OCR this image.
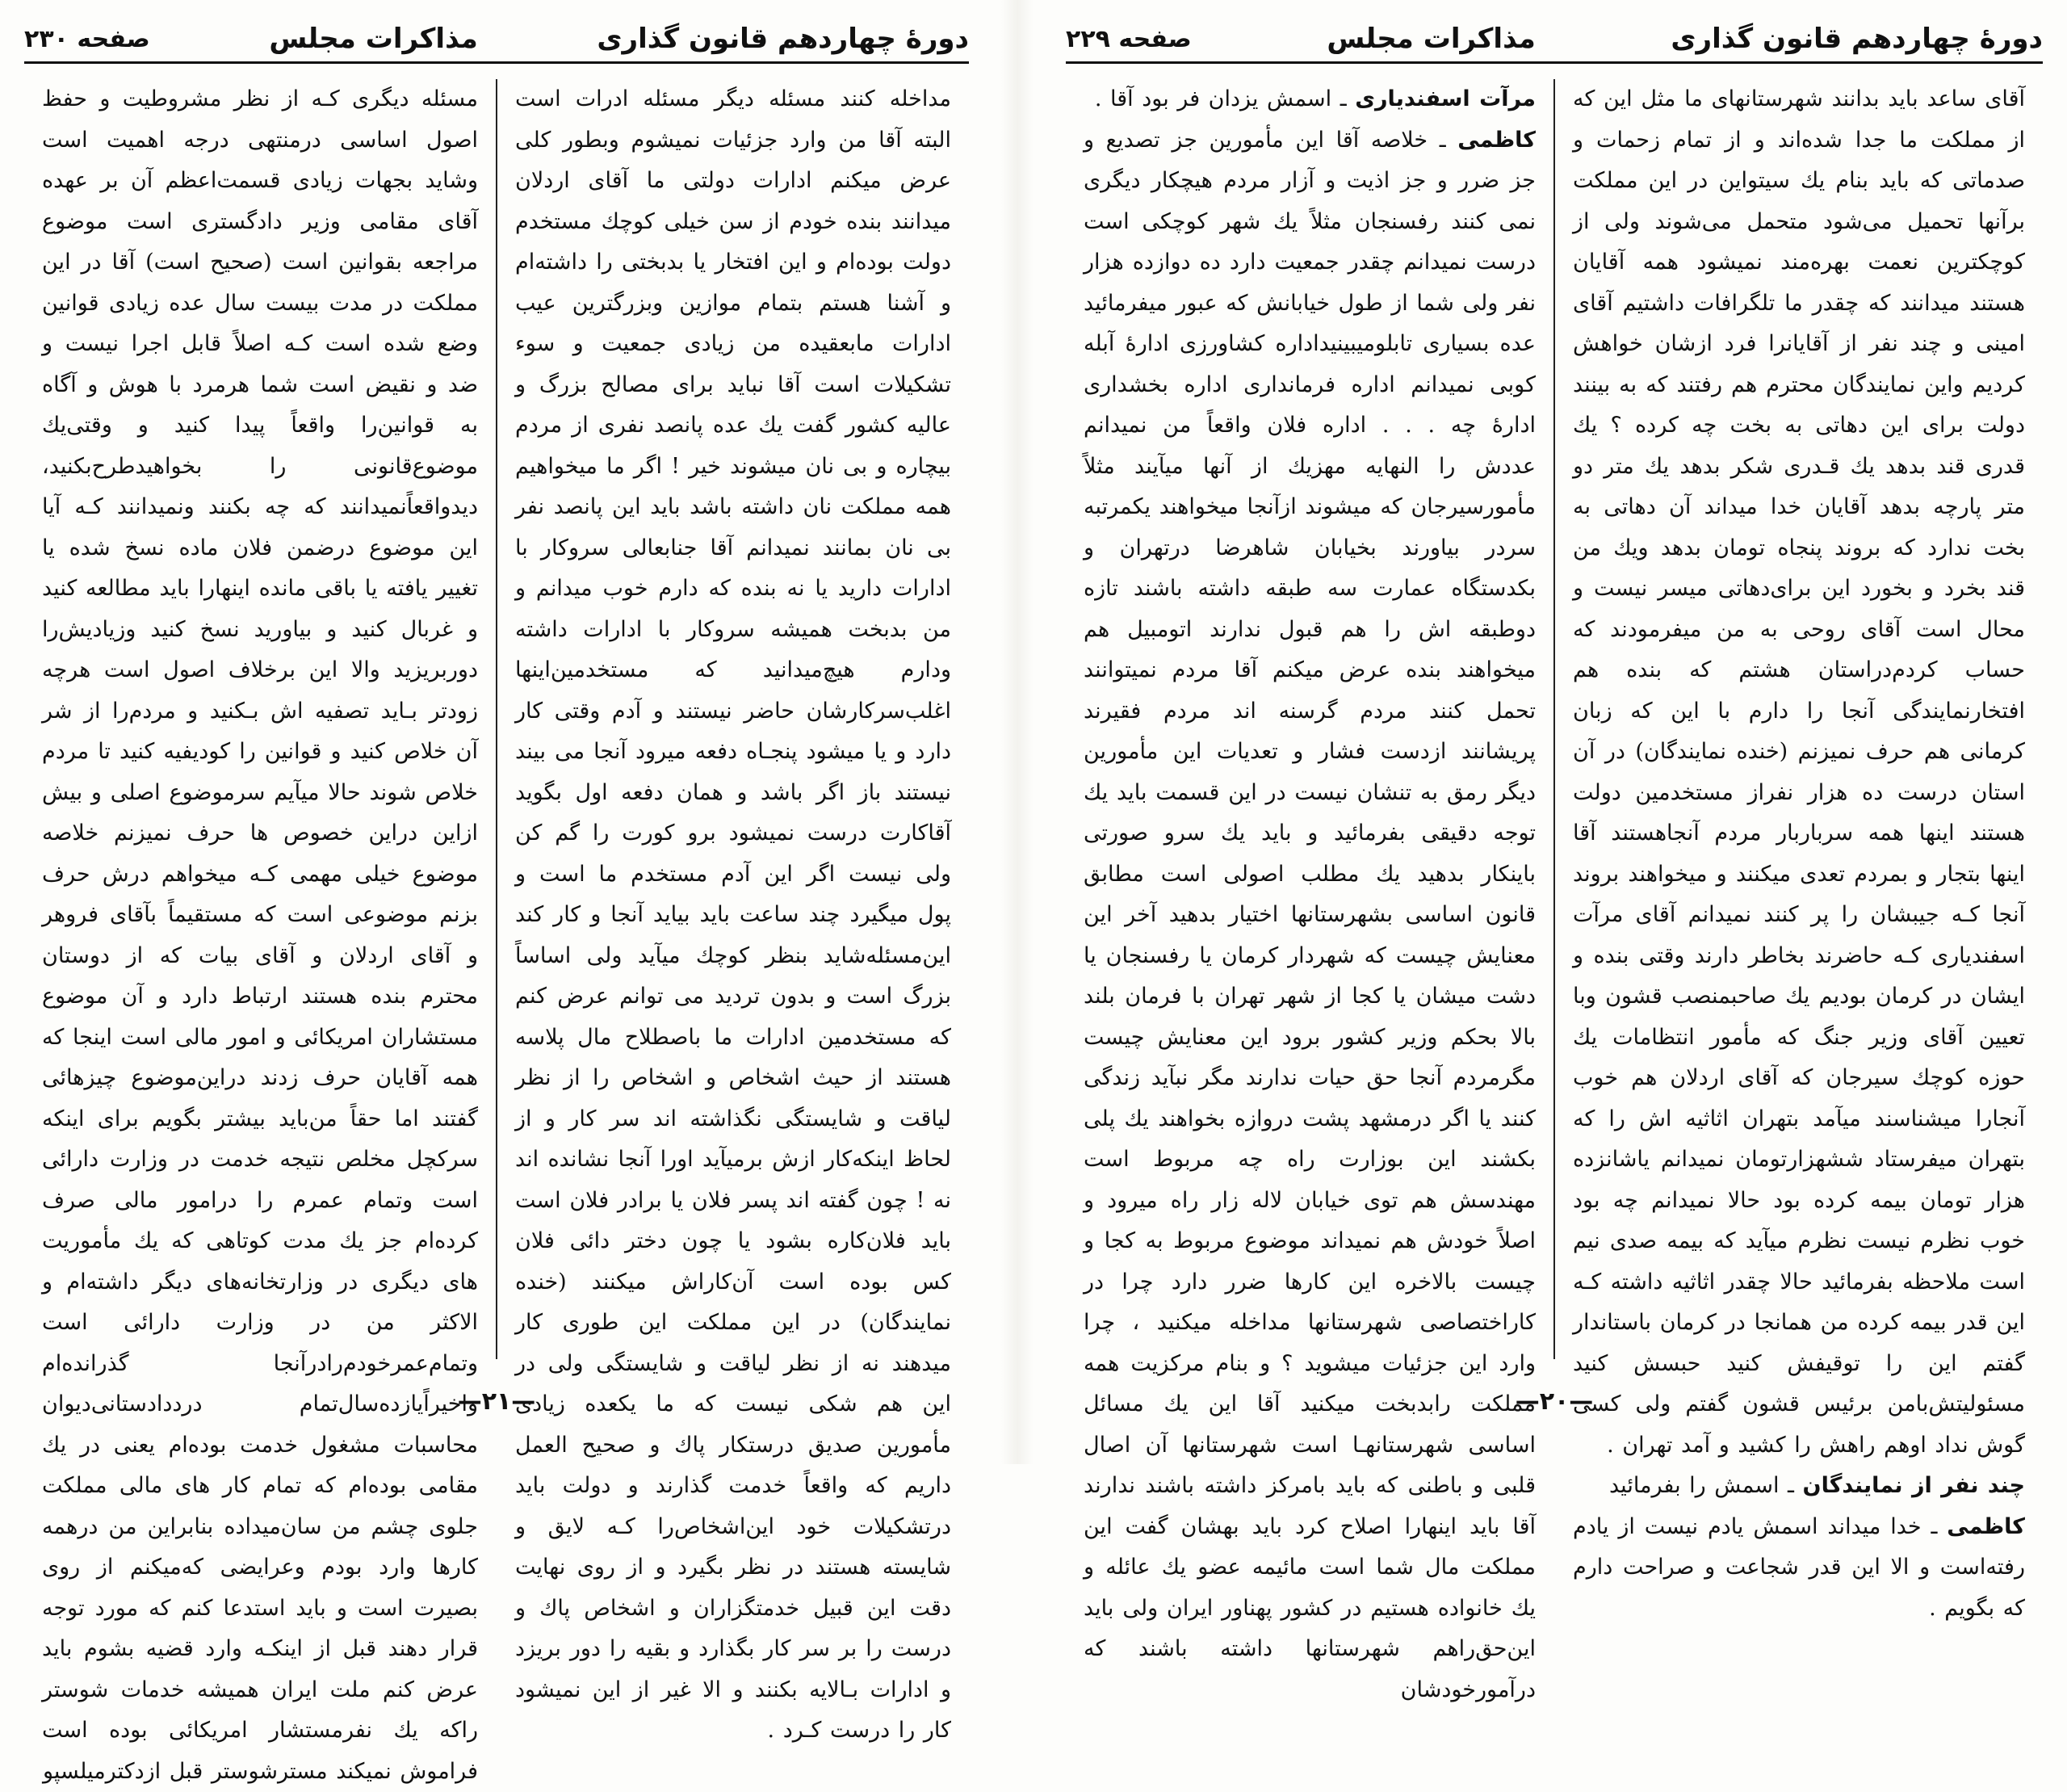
دورهٔ چهاردهم قانون گذاری
مذاکرات مجلس
صفحه ۲۳۰

مداخله کنند مسئله دیگر مسئله ادرات است البته آقا من وارد جزئیات نمیشوم وبطور کلی عرض میکنم ادارات دولتی ما آقای اردلان میدانند بنده خودم از سن خیلی کوچك مستخدم دولت بوده‌ام و این افتخار یا بدبختی را داشته‌ام و آشنا هستم بتمام موازین وبزرگترین عیب ادارات مابعقیده من زیادی جمعیت و سوء تشکیلات است آقا نباید برای مصالح بزرگ و عالیه کشور گفت یك عده پانصد نفری از مردم بیچاره و بی نان میشوند خیر ! اگر ما میخواهیم همه مملکت نان داشته باشد باید این پانصد نفر بی نان بمانند نمیدانم آقا جنابعالی سروکار با ادارات دارید یا نه بنده که دارم خوب میدانم و من بدبخت همیشه سروکار با ادارات داشته ودارم هیچ‌میدانید که مستخدمین‌اینها اغلب‌سرکارشان حاضر نیستند و آدم وقتی کار دارد و یا میشود پنجـاه دفعه میرود آنجا می بیند نیستند باز اگر باشد و همان دفعه اول بگوید آقاکارت درست نمیشود برو کورت را گم کن ولی نیست اگر این آدم مستخدم ما است و پول میگیرد چند ساعت باید بیاید آنجا و کار کند این‌مسئله‌شاید بنظر کوچك میآید ولی اساساً بزرگ است و بدون تردید می توانم عرض کنم که مستخدمین ادارات ما باصطلاح مال پلاسه هستند از حیث اشخاص و اشخاص را از نظر لیاقت و شایستگی نگذاشته اند سر کار و از لحاظ اینکه‌کار ازش برمیآید اورا آنجا نشانده اند نه ! چون گفته اند پسر فلان یا برادر فلان است باید فلان‌کاره بشود یا چون دختر دائی فلان کس بوده است آن‌کاراش میکنند (خنده نمایندگان) در این مملکت این طوری کار میدهند نه از نظر لیاقت و شایستگی ولی در این هم شکی نیست که ما یکعده زیادی مأمورین صدیق درستکار پاك و صحیح العمل داریم که واقعاً خدمت گذارند و دولت باید درتشکیلات خود این‌اشخاص‌را کـه لایق و شایسته هستند در نظر بگیرد و از روی نهایت دقت این قبیل خدمتگزاران و اشخاص پاك و درست را بر سر کار بگذارد و بقیه را دور بریزد و ادارات بـالایه بکنند و الا غیر از این نمیشود کار را درست کـرد .

مسئله دیگری کـه از نظر مشروطیت و حفظ اصول اساسی درمنتهی درجه اهمیت است وشاید بجهات زیادی قسمت‌اعظم آن بر عهده آقای مقامی وزیر دادگستری است موضوع مراجعه بقوانین است (صحیح است) آقا در این مملکت در مدت بیست سال عده زیادی قوانین وضع شده است کـه اصلاً قابل اجرا نیست و ضد و نقیض است شما هرمرد با هوش و آگاه به قوانین‌را واقعاً پیدا کنید و وقتی‌یك موضوع‌قانونی را بخواهیدطرح‌بکنید، دیدواقعاًنمیدانند که چه بکنند ونمیدانند کـه آیا این موضوع درضمن فلان ماده نسخ شده یا تغییر یافته یا باقی مانده اینهارا باید مطالعه کنید و غربال کنید و بیاورید نسخ کنید وزیادیش‌را دوربریزید والا این برخلاف اصول است هرچه زودتر بـاید تصفیه اش بـکنید و مردم‌را از شر آن خلاص کنید و قوانین را کودیفیه کنید تا مردم خلاص شوند حالا میآیم سرموضوع اصلی و بیش ازاین دراین خصوص ها حرف نمیزنم خلاصه موضوع خیلی مهمی کـه میخواهم درش حرف بزنم موضوعی است که مستقیماً بآقای فروهر و آقای اردلان و آقای بیات که از دوستان محترم بنده هستند ارتباط دارد و آن موضوع مستشاران امریکائی و امور مالی است اینجا که همه آقایان حرف زدند دراین‌موضوع چیزهائی گفتند اما حقاً من‌باید بیشتر بگویم برای اینکه سرکچل مخلص نتیجه خدمت در وزارت دارائی است وتمام عمرم را درامور مالی صرف کرده‌ام جز یك مدت کوتاهی که یك مأموریت های دیگری در وزارتخانه‌های دیگر داشته‌ام و الاکثر من در وزارت دارائی است وتمام‌عمرخودم‌رادرآنجا گذرانده‌ام واخیراًیازده‌سال‌تمام درددادستانی‌دیوان محاسبات مشغول خدمت بوده‌ام یعنی در یك مقامی بوده‌ام که تمام کار های مالی مملکت جلوی چشم من سان‌میداده بنابراین من درهمه کارها وارد بودم وعرایضی که‌میکنم از روی بصیرت است و باید استدعا کنم که مورد توجه قرار دهند قبل از اینکـه وارد قضیه بشوم باید عرض کنم ملت ایران همیشه خدمات شوستر راکه یك نفرمستشار امریکائی بوده است فراموش نمیکند مسترشوستر قبل ازدکترمیلسپو

—۲۱—
دورهٔ چهاردهم قانون گذاری
مذاکرات مجلس
صفحه ۲۲۹

آقای ساعد باید بدانند شهرستانهای ما مثل این که از مملکت ما جدا شده‌اند و از تمام زحمات و صدماتی که باید بنام یك سیتواین در این مملکت برآنها تحمیل می‌شود متحمل می‌شوند ولی از کوچکترین نعمت بهره‌مند نمیشود همه آقایان هستند میدانند که چقدر ما تلگرافات داشتیم آقای امینی و چند نفر از آقایانرا فرد ازشان خواهش کردیم واین نمایندگان محترم هم رفتند که به بینند دولت برای این دهاتی به بخت چه کرده ؟ یك قدری قند بدهد یك قـدری شکر بدهد یك متر دو متر پارچه بدهد آقایان خدا میداند آن دهاتی به بخت ندارد که بروند پنجاه تومان بدهد ویك من قند بخرد و بخورد این برای‌دهاتی میسر نیست و محال است آقای روحی به من میفرمودند که حساب کردم‌دراستان هشتم که بنده هم افتخارنمایندگی آنجا را دارم با این که زبان کرمانی هم حرف نمیزنم (خنده نمایندگان) در آن استان درست ده هزار نفراز مستخدمین دولت هستند اینها همه سرباربار مردم آنجاهستند آقا اینها بتجار و بمردم تعدی میکنند و میخواهند بروند آنجا کـه جیبشان را پر کنند نمیدانم آقای مرآت اسفندیاری کـه حاضرند بخاطر دارند وقتی بنده و ایشان در کرمان بودیم یك صاحبمنصب قشون وبا تعیین آقای وزیر جنگ که مأمور انتظامات یك حوزه کوچك سیرجان که آقای اردلان هم خوب آنجارا میشناسند میآمد بتهران اثاثیه اش را که بتهران میفرستاد ششهزارتومان نمیدانم یاشانزده هزار تومان بیمه کرده بود حالا نمیدانم چه بود خوب نظرم نیست نظرم میآید که بیمه صدی نیم است ملاحظه بفرمائید حالا چقدر اثاثیه داشته کـه این قدر بیمه کرده من همانجا در کرمان باستاندار گفتم این را توقیفش کنید حبسش کنید مسئولیتش‌بامن برئیس قشون گفتم ولی کسی گوش نداد اوهم راهش را کشید و آمد تهران .
چند نفر از نمایندگان ـ اسمش را بفرمائید
کاظمی ـ خدا میداند اسمش یادم نیست از یادم رفته‌است و الا این قدر شجاعت و صراحت دارم که بگویم .

مرآت اسفندیاری ـ اسمش یزدان فر بود آقا .
کاظمی ـ خلاصه آقا این مأمورین جز تصدیع و جز ضرر و جز اذیت و آزار مردم هیچکار دیگری نمی کنند رفسنجان مثلاً یك شهر کوچکی است درست نمیدانم چقدر جمعیت دارد ده دوازده هزار نفر ولی شما از طول خیابانش که عبور میفرمائید عده بسیاری تابلومیبینیداداره کشاورزی ادارهٔ آبله کوبی نمیدانم اداره فرمانداری اداره بخشداری ادارهٔ چه . . . اداره فلان واقعاً من نمیدانم عددش را النهایه مهزیك از آنها میآیند مثلاً مأمورسیرجان که میشوند ازآنجا میخواهند یکمرتبه سردر بیاورند بخیابان شاهرضا درتهران و بکدستگاه عمارت سه طبقه داشته باشند تازه دوطبقه اش را هم قبول ندارند اتومبیل هم میخواهند بنده عرض میکنم آقا مردم نمیتوانند تحمل کنند مردم گرسنه اند مردم فقیرند پریشانند ازدست فشار و تعدیات این مأمورین دیگر رمق به تنشان نیست در این قسمت باید یك توجه دقیقی بفرمائید و باید یك سرو صورتی باینکار بدهید یك مطلب اصولی است مطابق قانون اساسی بشهرستانها اختیار بدهید آخر این معنایش چیست که شهردار کرمان یا رفسنجان یا دشت میشان یا کجا از شهر تهران با فرمان بلند بالا بحکم وزیر کشور برود این معنایش چیست مگرمردم آنجا حق حیات ندارند مگر نبآید زندگی کنند یا اگر درمشهد پشت دروازه بخواهند یك پلی بکشند این بوزارت راه چه مربوط است مهندسش هم توی خیابان لاله زار راه میرود و اصلاً خودش هم نمیداند موضوع مربوط به کجا و چیست بالاخره این کارها ضرر دارد چرا در کاراختصاصی شهرستانها مداخله میکنید ، چرا وارد این جزئیات میشوید ؟ و بنام مرکزیت همه مملکت رابدبخت میکنید آقا این یك مسائل اساسی شهرستانهـا است شهرستانها آن اصال قلبی و باطنی که باید بامرکز داشته باشند ندارند آقا باید اینهارا اصلاح کرد باید بهشان گفت این مملکت مال شما است مائیمه عضو یك عائله و یك خانواده هستیم در کشور پهناور ایران ولی باید این‌حق‌راهم شهرستانها داشته باشند که درآمورخودشان

—۲۰—
